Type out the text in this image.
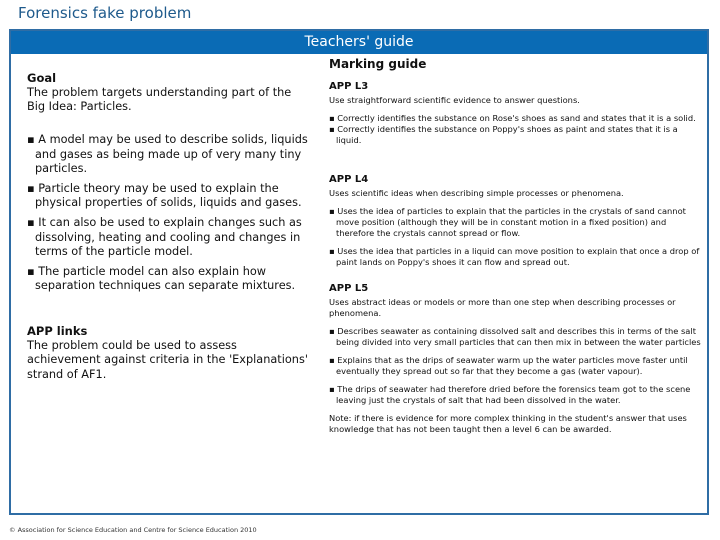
Forensics fake problem
Teachers' guide
Goal
The problem targets understanding part of the Big Idea: Particles.
▪ A model may be used to describe solids, liquids and gases as being made up of very many tiny particles.
▪ Particle theory may be used to explain the physical properties of solids, liquids and gases.
▪ It can also be used to explain changes such as dissolving, heating and cooling and changes in terms of the particle model.
▪ The particle model can also explain how separation techniques can separate mixtures.
APP links
The problem could be used to assess achievement against criteria in the 'Explanations' strand of AF1.
Marking guide
APP L3
Use straightforward scientific evidence to answer questions.
▪ Correctly identifies the substance on Rose's shoes as sand and states that it is a solid.
▪ Correctly identifies the substance on Poppy's shoes as paint and states that it is a liquid.
APP L4
Uses scientific ideas when describing simple processes or phenomena.
▪ Uses the idea of particles to explain that the particles in the crystals of sand cannot move position (although they will be in constant motion in a fixed position) and therefore the crystals cannot spread or flow.
▪ Uses the idea that particles in a liquid can move position to explain that once a drop of paint lands on Poppy's shoes it can flow and spread out.
APP L5
Uses abstract ideas or models or more than one step when describing processes or phenomena.
▪ Describes seawater as containing dissolved salt and describes this in terms of the salt being divided into very small particles that can then mix in between the water particles
▪ Explains that as the drips of seawater warm up the water particles move faster until eventually they spread out so far that they become a gas (water vapour).
▪ The drips of seawater had therefore dried before the forensics team got to the scene leaving just the crystals of salt that had been dissolved in the water.
Note: if there is evidence for more complex thinking in the student's answer that uses knowledge that has not been taught then a level 6 can be awarded.
© Association for Science Education and Centre for Science Education 2010
